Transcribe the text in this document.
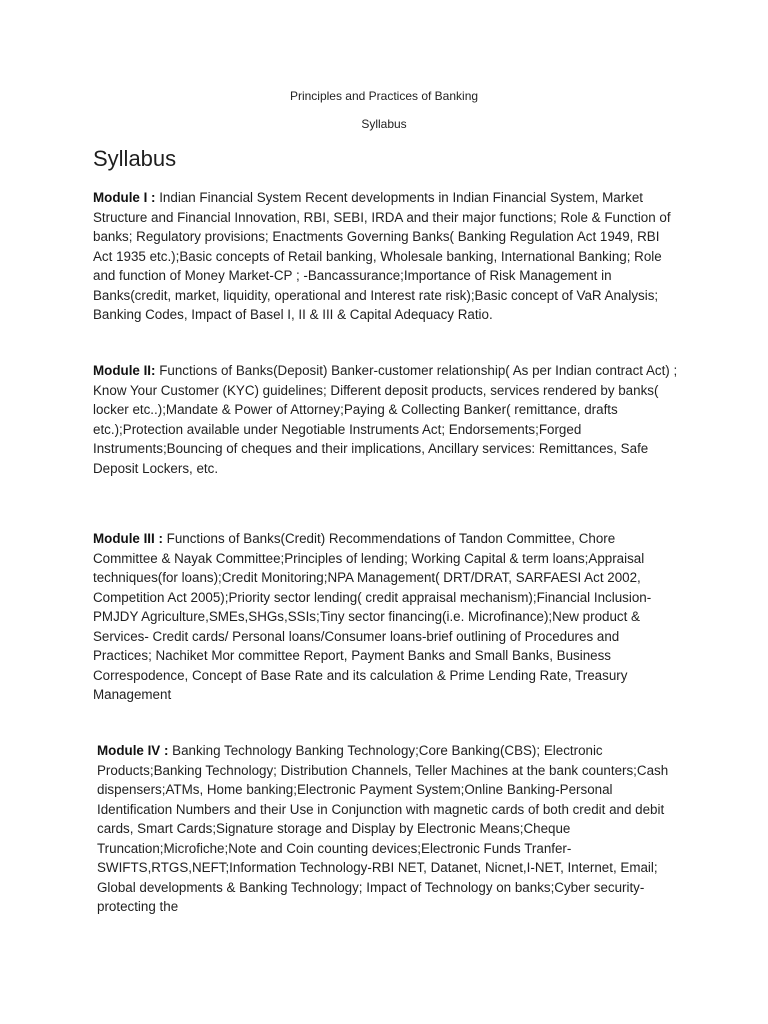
Principles and Practices of Banking
Syllabus
Syllabus

Module I : Indian Financial System Recent developments in Indian Financial System, Market Structure and Financial Innovation, RBI, SEBI, IRDA and their major functions; Role & Function of banks; Regulatory provisions; Enactments Governing Banks( Banking Regulation Act 1949, RBI Act 1935 etc.);Basic concepts of Retail banking, Wholesale banking, International Banking; Role and function of Money Market-CP ; -Bancassurance;Importance of Risk Management in Banks(credit, market, liquidity, operational and Interest rate risk);Basic concept of VaR Analysis; Banking Codes, Impact of Basel I, II & III & Capital Adequacy Ratio.

Module II: Functions of Banks(Deposit) Banker-customer relationship( As per Indian contract Act) ; Know Your Customer (KYC) guidelines; Different deposit products, services rendered by banks( locker etc..);Mandate & Power of Attorney;Paying & Collecting Banker( remittance, drafts etc.);Protection available under Negotiable Instruments Act; Endorsements;Forged Instruments;Bouncing of cheques and their implications, Ancillary services: Remittances, Safe Deposit Lockers, etc.

Module III : Functions of Banks(Credit) Recommendations of Tandon Committee, Chore Committee & Nayak Committee;Principles of lending; Working Capital & term loans;Appraisal techniques(for loans);Credit Monitoring;NPA Management( DRT/DRAT, SARFAESI Act 2002, Competition Act 2005);Priority sector lending( credit appraisal mechanism);Financial Inclusion- PMJDY Agriculture,SMEs,SHGs,SSIs;Tiny sector financing(i.e. Microfinance);New product & Services- Credit cards/ Personal loans/Consumer loans-brief outlining of Procedures and Practices; Nachiket Mor committee Report, Payment Banks and Small Banks, Business Correspodence, Concept of Base Rate and its calculation & Prime Lending Rate, Treasury Management

Module IV : Banking Technology Banking Technology;Core Banking(CBS); Electronic Products;Banking Technology; Distribution Channels, Teller Machines at the bank counters;Cash dispensers;ATMs, Home banking;Electronic Payment System;Online Banking-Personal Identification Numbers and their Use in Conjunction with magnetic cards of both credit and debit cards, Smart Cards;Signature storage and Display by Electronic Means;Cheque Truncation;Microfiche;Note and Coin counting devices;Electronic Funds Tranfer-SWIFTS,RTGS,NEFT;Information Technology-RBI NET, Datanet, Nicnet,I-NET, Internet, Email; Global developments & Banking Technology; Impact of Technology on banks;Cyber security-protecting the
